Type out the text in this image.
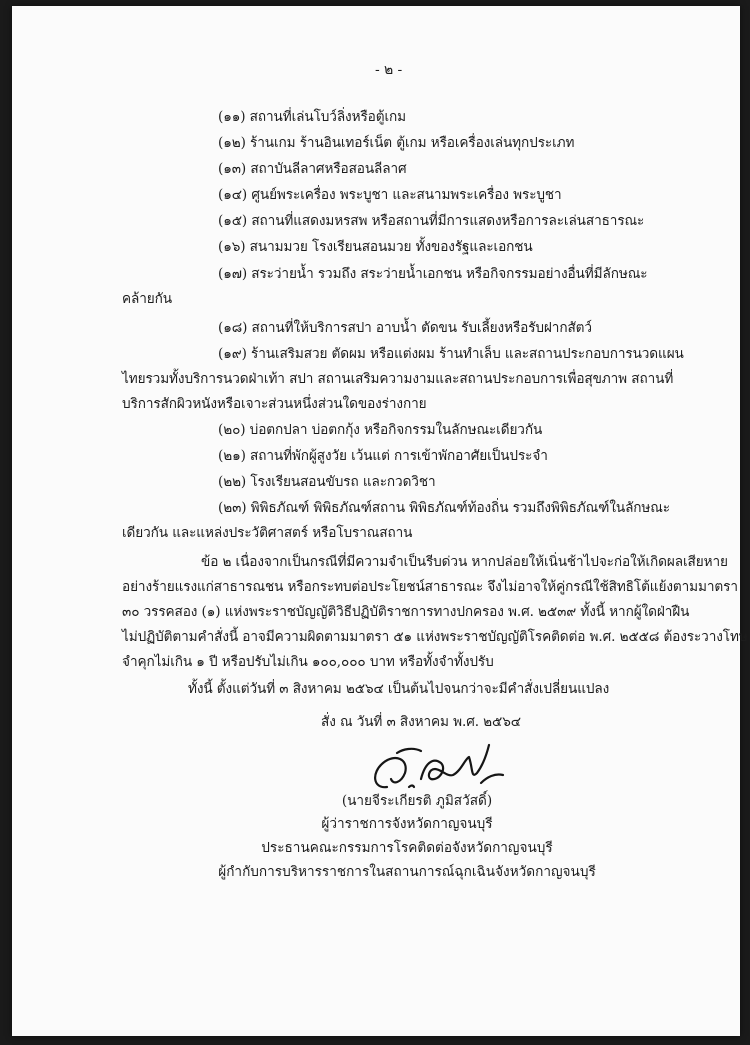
- ๒ -
(๑๑) สถานที่เล่นโบว์ลิ่งหรือตู้เกม
(๑๒) ร้านเกม ร้านอินเทอร์เน็ต ตู้เกม หรือเครื่องเล่นทุกประเภท
(๑๓) สถาบันลีลาศหรือสอนลีลาศ
(๑๔) ศูนย์พระเครื่อง พระบูชา และสนามพระเครื่อง พระบูชา
(๑๕) สถานที่แสดงมหรสพ หรือสถานที่มีการแสดงหรือการละเล่นสาธารณะ
(๑๖) สนามมวย โรงเรียนสอนมวย ทั้งของรัฐและเอกชน
(๑๗) สระว่ายน้ำ รวมถึง สระว่ายน้ำเอกชน หรือกิจกรรมอย่างอื่นที่มีลักษณะ
คล้ายกัน
(๑๘) สถานที่ให้บริการสปา อาบน้ำ ตัดขน รับเลี้ยงหรือรับฝากสัตว์
(๑๙) ร้านเสริมสวย ตัดผม หรือแต่งผม ร้านทำเล็บ และสถานประกอบการนวดแผน
ไทยรวมทั้งบริการนวดฝ่าเท้า สปา สถานเสริมความงามและสถานประกอบการเพื่อสุขภาพ สถานที่
บริการสักผิวหนังหรือเจาะส่วนหนึ่งส่วนใดของร่างกาย
(๒๐) บ่อตกปลา บ่อตกกุ้ง หรือกิจกรรมในลักษณะเดียวกัน
(๒๑) สถานที่พักผู้สูงวัย เว้นแต่ การเข้าพักอาศัยเป็นประจำ
(๒๒) โรงเรียนสอนขับรถ และกวดวิชา
(๒๓) พิพิธภัณฑ์ พิพิธภัณฑ์สถาน พิพิธภัณฑ์ท้องถิ่น รวมถึงพิพิธภัณฑ์ในลักษณะ
เดียวกัน และแหล่งประวัติศาสตร์ หรือโบราณสถาน
ข้อ ๒ เนื่องจากเป็นกรณีที่มีความจำเป็นรีบด่วน หากปล่อยให้เนิ่นช้าไปจะก่อให้เกิดผลเสียหาย
อย่างร้ายแรงแก่สาธารณชน หรือกระทบต่อประโยชน์สาธารณะ จึงไม่อาจให้คู่กรณีใช้สิทธิโต้แย้งตามมาตรา
๓๐ วรรคสอง (๑) แห่งพระราชบัญญัติวิธีปฏิบัติราชการทางปกครอง พ.ศ. ๒๕๓๙ ทั้งนี้ หากผู้ใดฝ่าฝืน
ไม่ปฏิบัติตามคำสั่งนี้ อาจมีความผิดตามมาตรา ๕๑ แห่งพระราชบัญญัติโรคติดต่อ พ.ศ. ๒๕๕๘ ต้องระวางโทษ
จำคุกไม่เกิน ๑ ปี หรือปรับไม่เกิน ๑๐๐,๐๐๐ บาท หรือทั้งจำทั้งปรับ
ทั้งนี้ ตั้งแต่วันที่ ๓ สิงหาคม ๒๕๖๔ เป็นต้นไปจนกว่าจะมีคำสั่งเปลี่ยนแปลง
สั่ง ณ วันที่ ๓ สิงหาคม พ.ศ. ๒๕๖๔
(นายจีระเกียรติ ภูมิสวัสดิ์)
ผู้ว่าราชการจังหวัดกาญจนบุรี
ประธานคณะกรรมการโรคติดต่อจังหวัดกาญจนบุรี
ผู้กำกับการบริหารราชการในสถานการณ์ฉุกเฉินจังหวัดกาญจนบุรี
